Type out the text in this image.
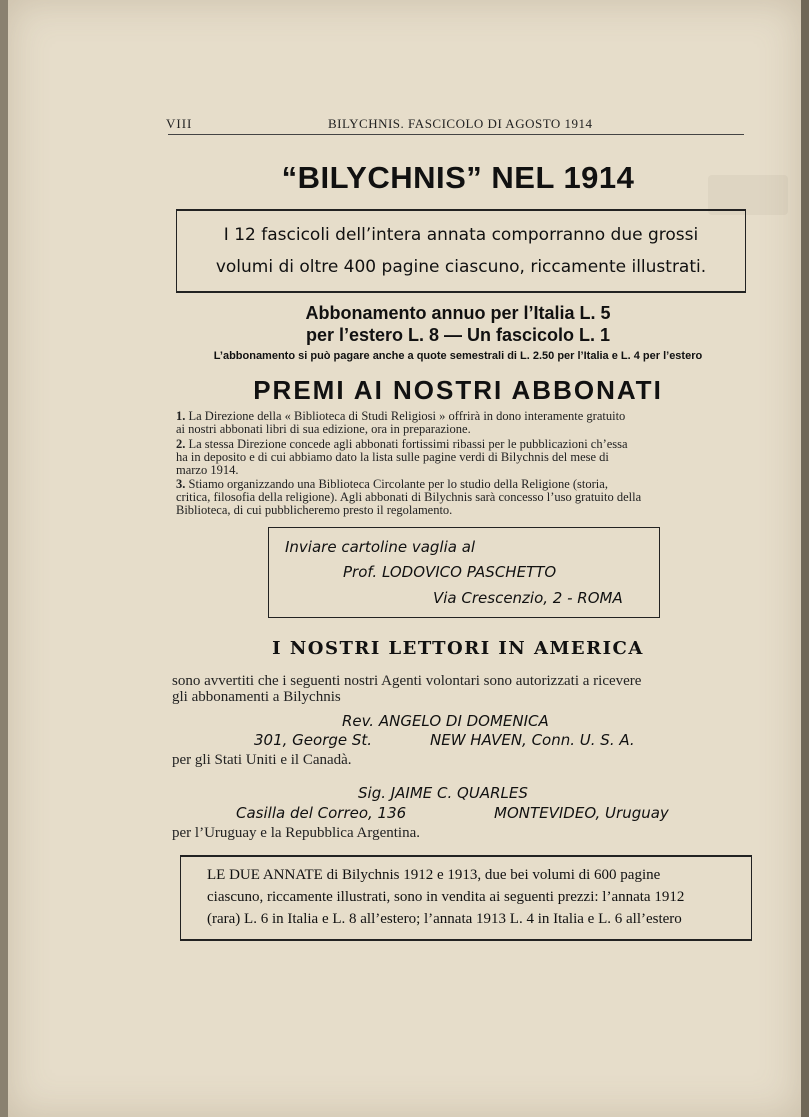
VIII	BILYCHNIS. FASCICOLO DI AGOSTO 1914
“BILYCHNIS” NEL 1914
I 12 fascicoli dell’intera annata comporranno due grossi
volumi di oltre 400 pagine ciascuno, riccamente illustrati.
Abbonamento annuo per l’Italia L. 5
per l’estero L. 8 — Un fascicolo L. 1
L’abbonamento si può pagare anche a quote semestrali di L. 2.50 per l’Italia e L. 4 per l’estero
PREMI AI NOSTRI ABBONATI
1. La Direzione della « Biblioteca di Studi Religiosi » offrirà in dono interamente gratuito
ai nostri abbonati libri di sua edizione, ora in preparazione.
2. La stessa Direzione concede agli abbonati fortissimi ribassi per le pubblicazioni ch’essa
ha in deposito e di cui abbiamo dato la lista sulle pagine verdi di Bilychnis del mese di
marzo 1914.
3. Stiamo organizzando una Biblioteca Circolante per lo studio della Religione (storia,
critica, filosofia della religione). Agli abbonati di Bilychnis sarà concesso l’uso gratuito della
Biblioteca, di cui pubblicheremo presto il regolamento.
Inviare cartoline vaglia al
Prof. LODOVICO PASCHETTO
Via Crescenzio, 2 - ROMA
I NOSTRI LETTORI IN AMERICA
sono avvertiti che i seguenti nostri Agenti volontari sono autorizzati a ricevere
gli abbonamenti a Bilychnis
Rev. ANGELO DI DOMENICA
301, George St.	NEW HAVEN, Conn. U. S. A.
per gli Stati Uniti e il Canadà.
Sig. JAIME C. QUARLES
Casilla del Correo, 136	MONTEVIDEO, Uruguay
per l’Uruguay e la Repubblica Argentina.
LE DUE ANNATE di Bilychnis 1912 e 1913, due bei volumi di 600 pagine
ciascuno, riccamente illustrati, sono in vendita ai seguenti prezzi: l’annata 1912
(rara) L. 6 in Italia e L. 8 all’estero; l’annata 1913 L. 4 in Italia e L. 6 all’estero
